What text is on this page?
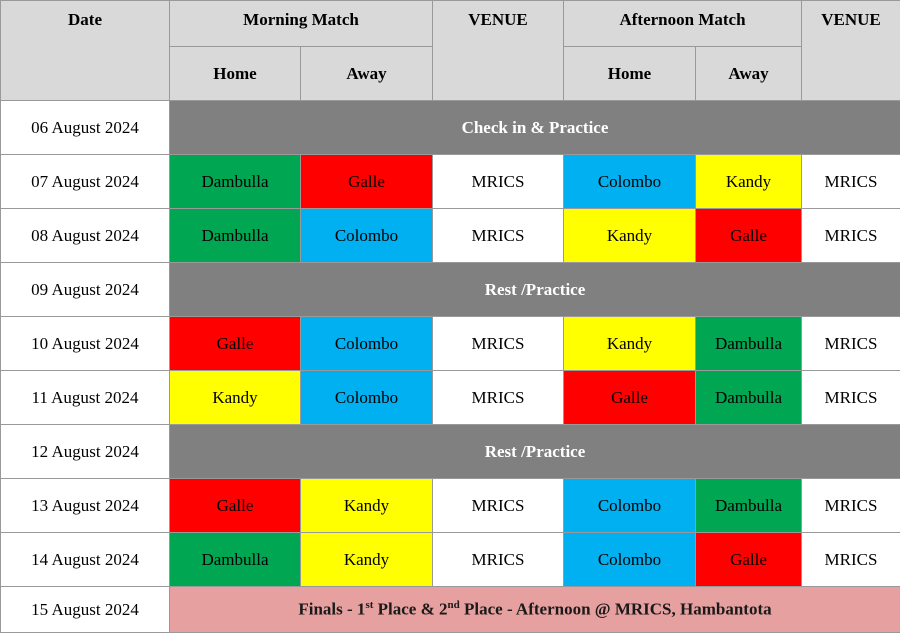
Date	Morning Match		VENUE	Afternoon Match		VENUE
	Home	Away		Home	Away	
06 August 2024	Check in & Practice					
07 August 2024	Dambulla	Galle	MRICS	Colombo	Kandy	MRICS
08 August 2024	Dambulla	Colombo	MRICS	Kandy	Galle	MRICS
09 August 2024	Rest /Practice					
10 August 2024	Galle	Colombo	MRICS	Kandy	Dambulla	MRICS
11 August 2024	Kandy	Colombo	MRICS	Galle	Dambulla	MRICS
12 August 2024	Rest /Practice					
13 August 2024	Galle	Kandy	MRICS	Colombo	Dambulla	MRICS
14 August 2024	Dambulla	Kandy	MRICS	Colombo	Galle	MRICS
15 August 2024	Finals - 1st Place & 2nd Place - Afternoon @ MRICS, Hambantota					
